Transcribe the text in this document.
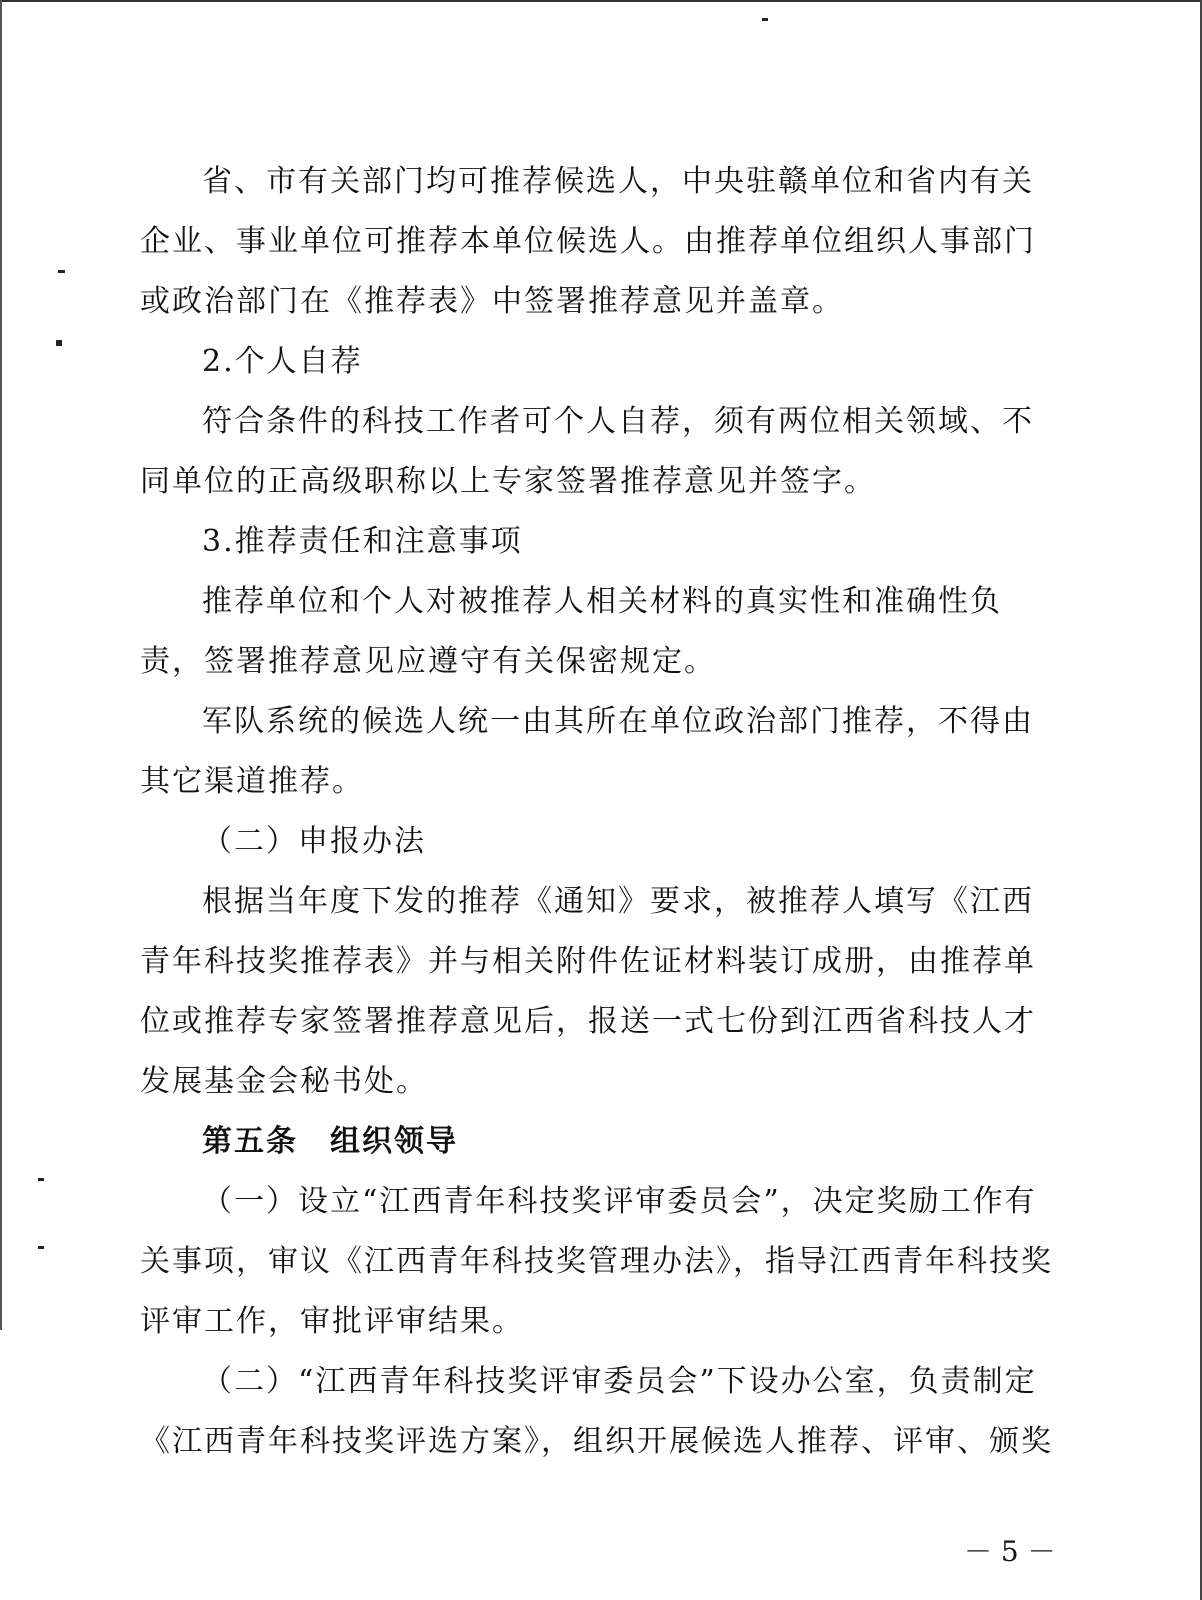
省、市有关部门均可推荐候选人，中央驻赣单位和省内有关
企业、事业单位可推荐本单位候选人。由推荐单位组织人事部门
或政治部门在《推荐表》中签署推荐意见并盖章。
2.个人自荐
符合条件的科技工作者可个人自荐，须有两位相关领域、不
同单位的正高级职称以上专家签署推荐意见并签字。
3.推荐责任和注意事项
推荐单位和个人对被推荐人相关材料的真实性和准确性负
责，签署推荐意见应遵守有关保密规定。
军队系统的候选人统一由其所在单位政治部门推荐，不得由
其它渠道推荐。
（二）申报办法
根据当年度下发的推荐《通知》要求，被推荐人填写《江西
青年科技奖推荐表》并与相关附件佐证材料装订成册，由推荐单
位或推荐专家签署推荐意见后，报送一式七份到江西省科技人才
发展基金会秘书处。
第五条　组织领导
（一）设立“江西青年科技奖评审委员会”，决定奖励工作有
关事项，审议《江西青年科技奖管理办法》，指导江西青年科技奖
评审工作，审批评审结果。
（二）“江西青年科技奖评审委员会”下设办公室，负责制定
《江西青年科技奖评选方案》，组织开展候选人推荐、评审、颁奖
－ 5 －
